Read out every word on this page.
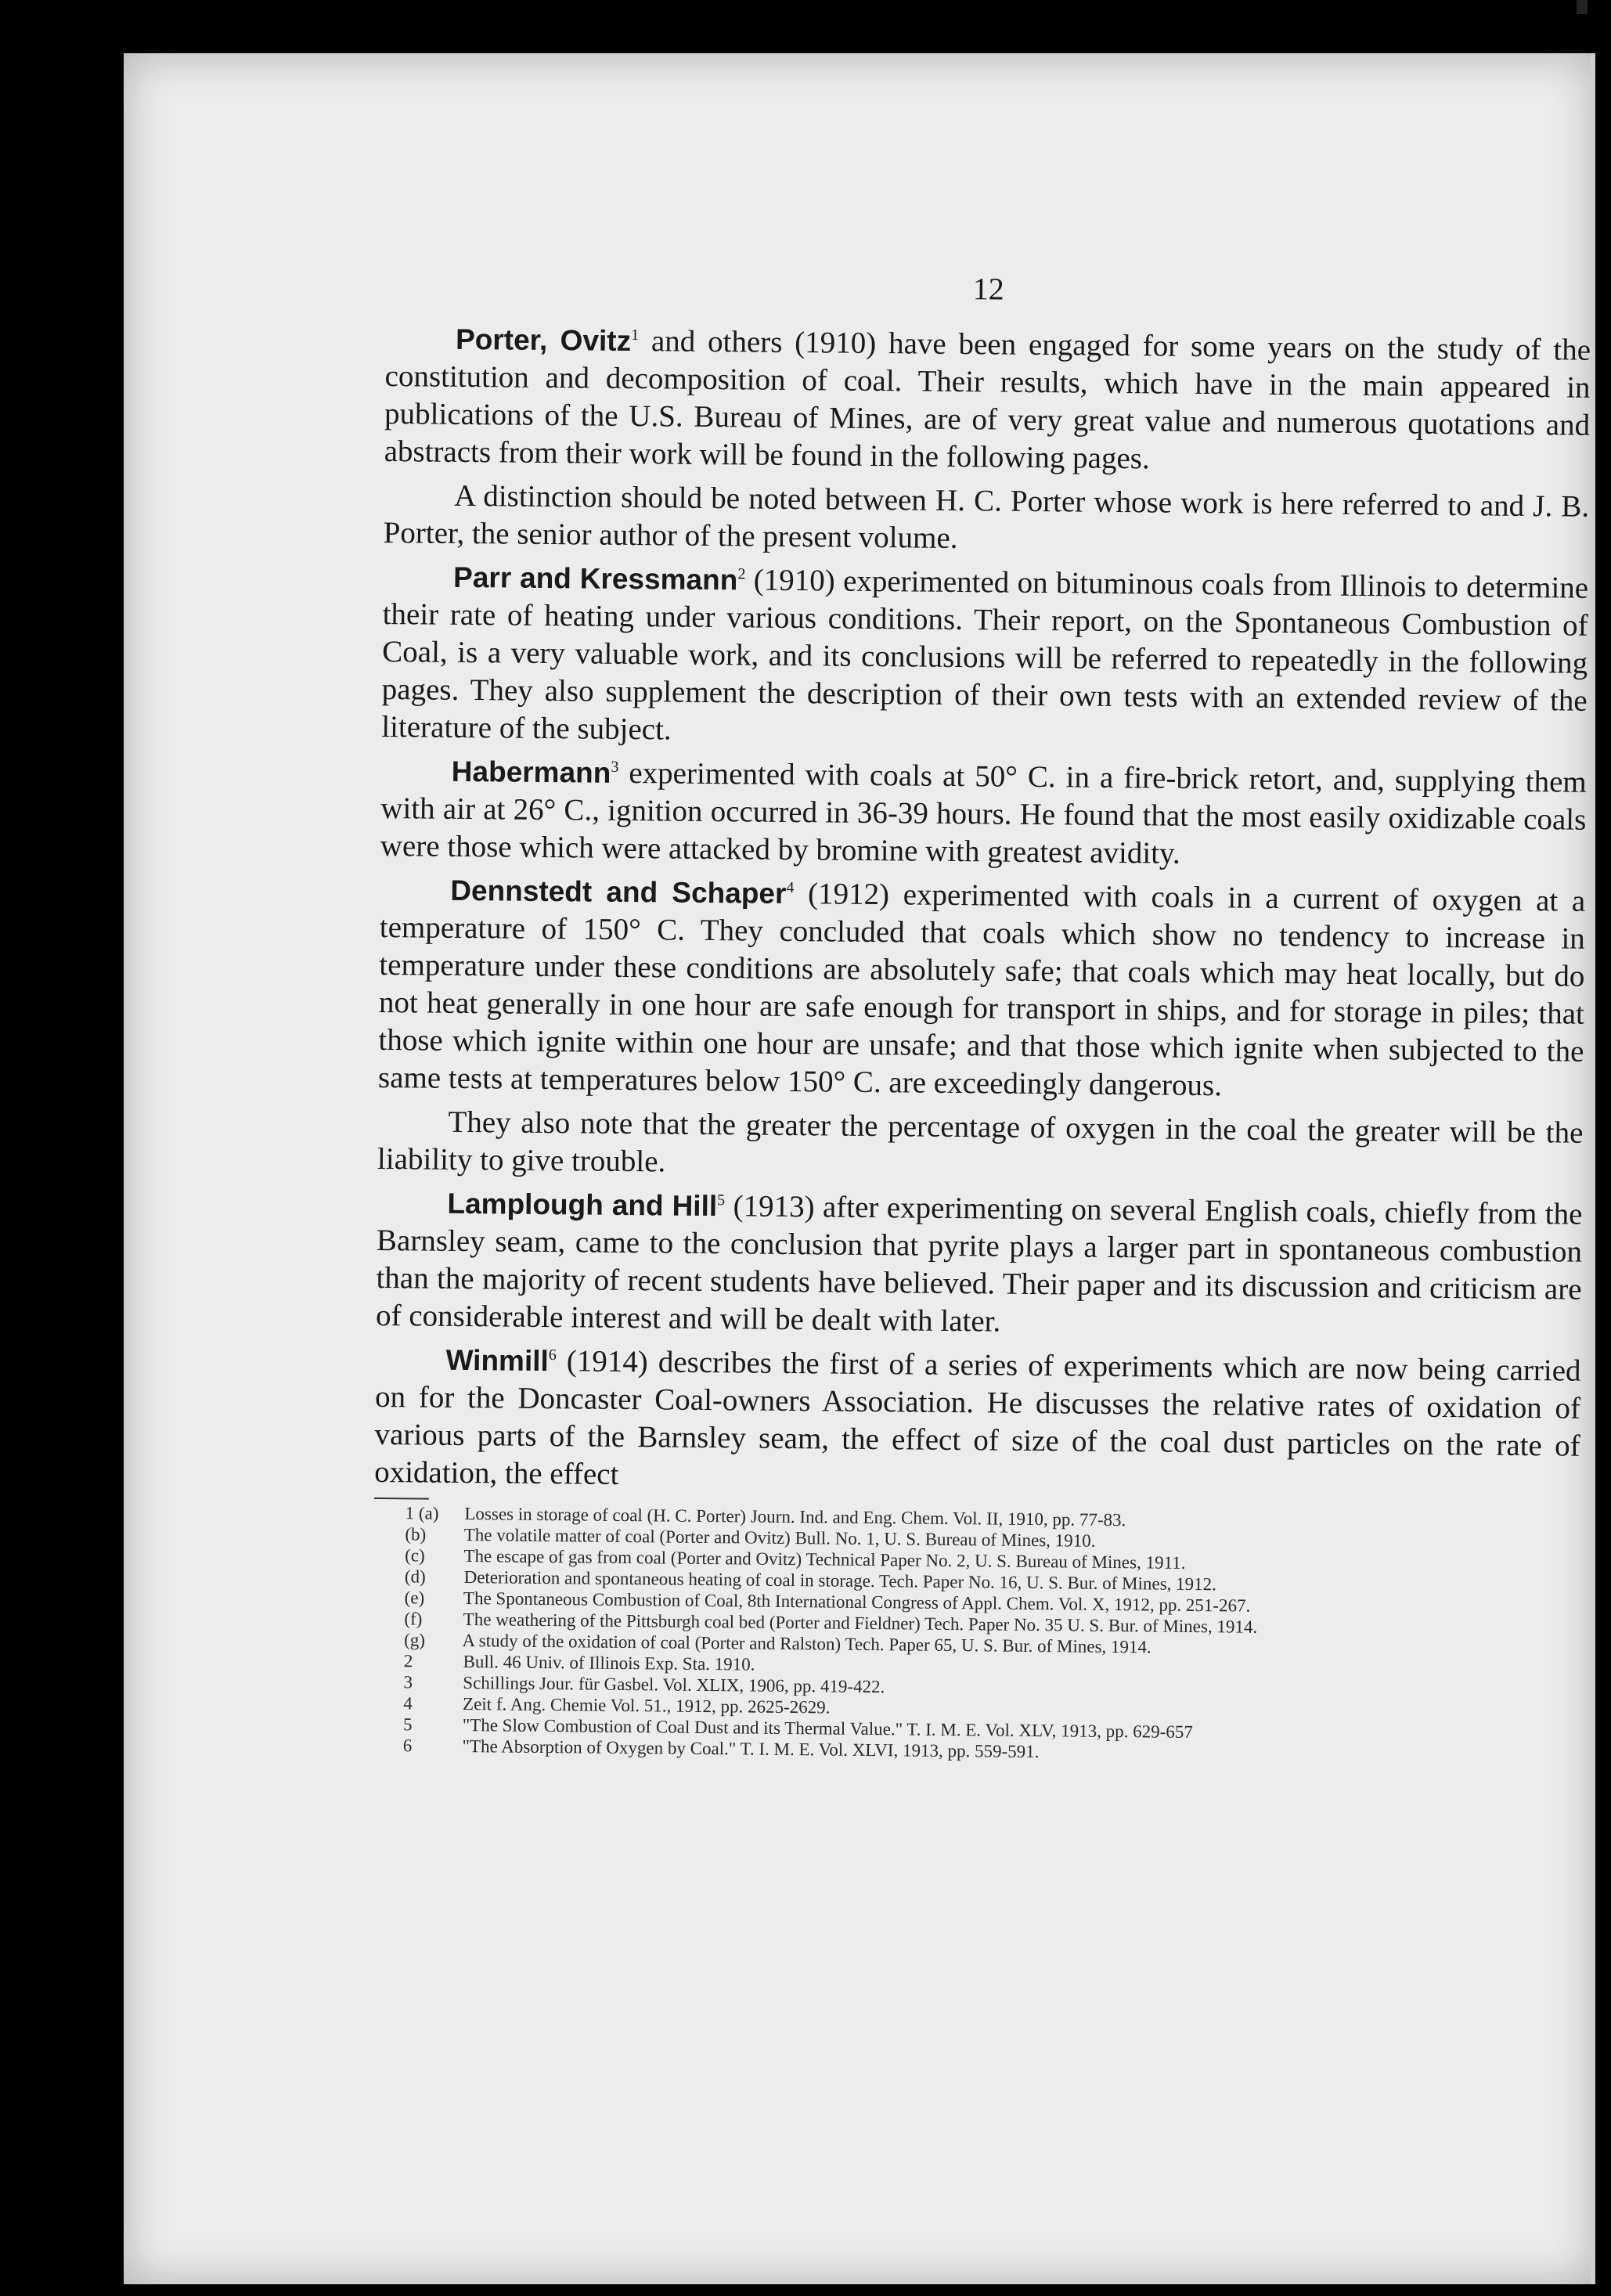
12

Porter, Ovitz$^1$ and others (1910) have been engaged for some years on the study of the constitution and decomposition of coal. Their results, which have in the main appeared in publications of the U.S. Bureau of Mines, are of very great value and numerous quotations and abstracts from their work will be found in the following pages.

A distinction should be noted between H. C. Porter whose work is here referred to and J. B. Porter, the senior author of the present volume.

Parr and Kressmann$^2$ (1910) experimented on bituminous coals from Illinois to determine their rate of heating under various conditions. Their report, on the Spontaneous Combustion of Coal, is a very valuable work, and its conclusions will be referred to repeatedly in the following pages. They also supplement the description of their own tests with an extended review of the literature of the subject.

Habermann$^3$ experimented with coals at 50° C. in a fire-brick retort, and, supplying them with air at 26° C., ignition occurred in 36-39 hours. He found that the most easily oxidizable coals were those which were attacked by bromine with greatest avidity.

Dennstedt and Schaper$^4$ (1912) experimented with coals in a current of oxygen at a temperature of 150° C. They concluded that coals which show no tendency to increase in temperature under these conditions are absolutely safe; that coals which may heat locally, but do not heat generally in one hour are safe enough for transport in ships, and for storage in piles; that those which ignite within one hour are unsafe; and that those which ignite when subjected to the same tests at temperatures below 150° C. are exceedingly dangerous.

They also note that the greater the percentage of oxygen in the coal the greater will be the liability to give trouble.

Lamplough and Hill$^5$ (1913) after experimenting on several English coals, chiefly from the Barnsley seam, came to the conclusion that pyrite plays a larger part in spontaneous combustion than the majority of recent students have believed. Their paper and its discussion and criticism are of considerable interest and will be dealt with later.

Winmill$^6$ (1914) describes the first of a series of experiments which are now being carried on for the Doncaster Coal-owners Association. He discusses the relative rates of oxidation of various parts of the Barnsley seam, the effect of size of the coal dust particles on the rate of oxidation, the effect

1 (a) Losses in storage of coal (H. C. Porter) Journ. Ind. and Eng. Chem. Vol. II, 1910, pp. 77-83.

(b) The volatile matter of coal (Porter and Ovitz) Bull. No. 1, U. S. Bureau of Mines, 1910.

(c) The escape of gas from coal (Porter and Ovitz) Technical Paper No. 2, U. S. Bureau of Mines, 1911.

(d) Deterioration and spontaneous heating of coal in storage. Tech. Paper No. 16, U. S. Bur. of Mines, 1912.

(e) The Spontaneous Combustion of Coal, 8th International Congress of Appl. Chem. Vol. X, 1912, pp. 251-267.

(f) The weathering of the Pittsburgh coal bed (Porter and Fieldner) Tech. Paper No. 35 U. S. Bur. of Mines, 1914.

(g) A study of the oxidation of coal (Porter and Ralston) Tech. Paper 65, U. S. Bur. of Mines, 1914.

2	Bull. 46 Univ. of Illinois Exp. Sta. 1910.

3	Schillings Jour. für Gasbel. Vol. XLIX, 1906, pp. 419-422.

4	Zeit f. Ang. Chemie Vol. 51., 1912, pp. 2625-2629.

5	"The Slow Combustion of Coal Dust and its Thermal Value." T. I. M. E. Vol. XLV, 1913, pp. 629-657

6	"The Absorption of Oxygen by Coal." T. I. M. E. Vol. XLVI, 1913, pp. 559-591.
